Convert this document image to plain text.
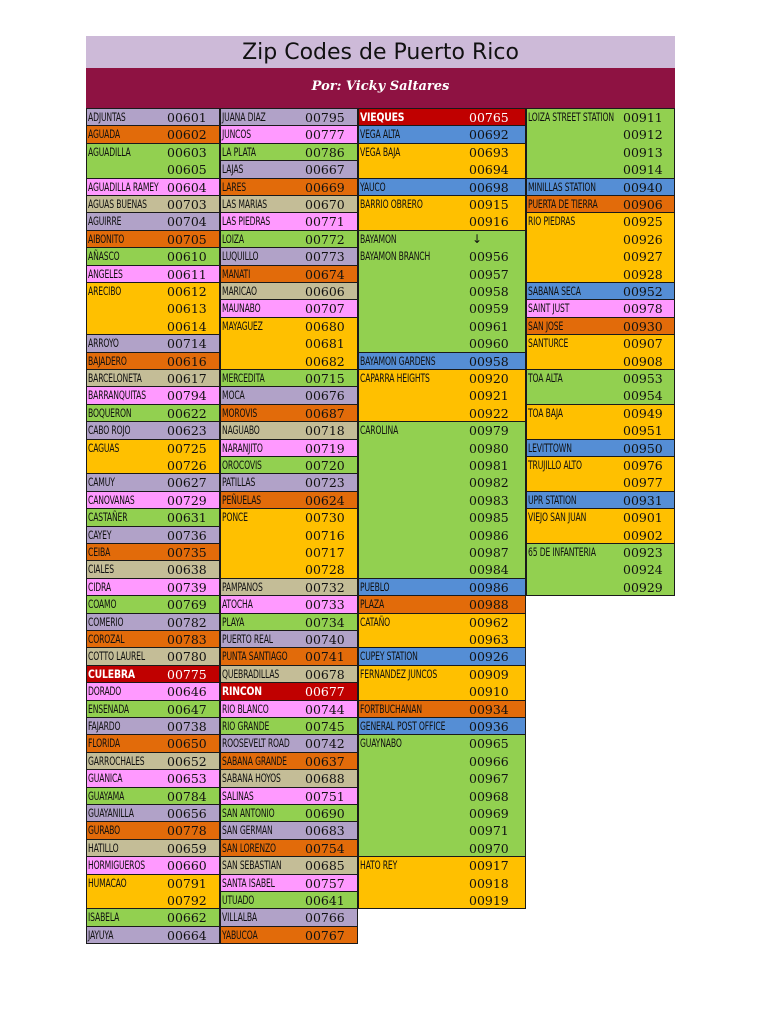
Zip Codes de Puerto Rico
Por: Vicky Saltares
ADJUNTAS	00601
AGUADA	00602
AGUADILLA	00603
00605
AGUADILLA RAMEY 00604
AGUAS BUENAS 00703
AGUIRRE	00704
AIBONITO	00705
AÑASCO	00610
ANGELES	00611
ARECIBO	00612
00613
00614
ARROYO	00714
BAJADERO	00616
BARCELONETA 00617
BARRANQUITAS 00794
BOQUERON	00622
CABO ROJO	00623
CAGUAS	00725
00726
CAMUY	00627
CANOVANAS	00729
CASTAÑER	00631
CAYEY	00736
CEIBA	00735
CIALES	00638
CIDRA	00739
COAMO	00769
COMERIO	00782
COROZAL	00783
COTTO LAUREL 00780
CULEBRA	00775
DORADO	00646
ENSENADA	00647
FAJARDO	00738
FLORIDA	00650
GARROCHALES 00652
GUANICA	00653
GUAYAMA	00784
GUAYANILLA	00656
GURABO	00778
HATILLO	00659
HORMIGUEROS 00660
HUMACAO	00791
00792
ISABELA	00662
JAYUYA	00664
JUANA DIAZ	00795
JUNCOS	00777
LA PLATA	00786
LAJAS	00667
LARES	00669
LAS MARIAS	00670
LAS PIEDRAS	00771
LOIZA	00772
LUQUILLO	00773
MANATI	00674
MARICAO	00606
MAUNABO	00707
MAYAGUEZ	00680
00681
00682
MERCEDITA	00715
MOCA	00676
MOROVIS	00687
NAGUABO	00718
NARANJITO	00719
OROCOVIS	00720
PATILLAS	00723
PEÑUELAS	00624
PONCE	00730
00716
00717
00728
PAMPANOS	00732
ATOCHA	00733
PLAYA	00734
PUERTO REAL	00740
PUNTA SANTIAGO 00741
QUEBRADILLAS 00678
RINCON	00677
RIO BLANCO	00744
RIO GRANDE	00745
ROOSEVELT ROAD 00742
SABANA GRANDE 00637
SABANA HOYOS 00688
SALINAS	00751
SAN ANTONIO 00690
SAN GERMAN	00683
SAN LORENZO 00754
SAN SEBASTIAN 00685
SANTA ISABEL 00757
UTUADO	00641
VILLALBA	00766
YABUCOA	00767
VIEQUES	00765
VEGA ALTA	00692
VEGA BAJA	00693
00694
YAUCO	00698
BARRIO OBRERO	00915
00916
BAYAMON	↓
BAYAMON BRANCH	00956
00957
00958
00959
00961
00960
BAYAMON GARDENS	00958
CAPARRA HEIGHTS	00920
00921
00922
CAROLINA	00979
00980
00981
00982
00983
00985
00986
00987
00984
PUEBLO	00986
PLAZA	00988
CATAÑO	00962
00963
CUPEY STATION	00926
FERNANDEZ JUNCOS	00909
00910
FORTBUCHANAN	00934
GENERAL POST OFFICE 00936
GUAYNABO	00965
00966
00967
00968
00969
00971
00970
HATO REY	00917
00918
00919
LOIZA STREET STATION 00911
00912
00913
00914
MINILLAS STATION 00940
PUERTA DE TIERRA 00906
RIO PIEDRAS	00925
00926
00927
00928
SABANA SECA	00952
SAINT JUST	00978
SAN JOSE	00930
SANTURCE	00907
00908
TOA ALTA	00953
00954
TOA BAJA	00949
00951
LEVITTOWN	00950
TRUJILLO ALTO	00976
00977
UPR STATION	00931
VIEJO SAN JUAN	00901
00902
65 DE INFANTERIA 00923
00924
00929
